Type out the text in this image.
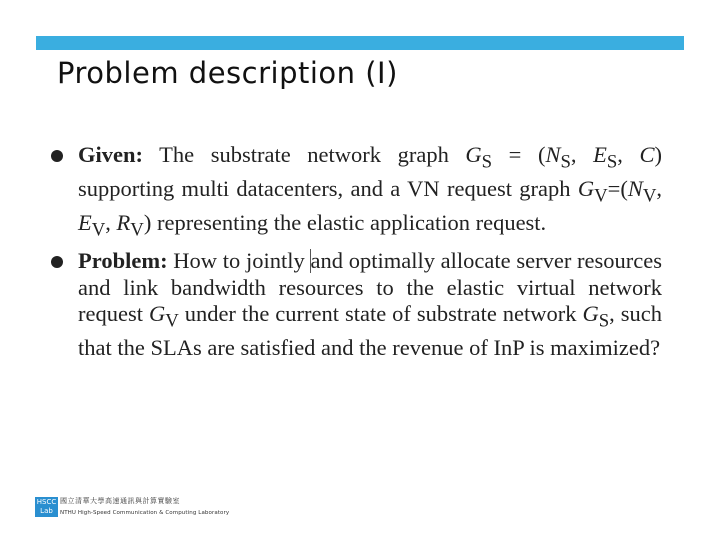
Problem description (I)
Given: The substrate network graph $G_S = (N_S$, $E_S$, C) supporting multi datacenters, and a VN request graph $G_V=(N_V$, $E_V$, $R_V$) representing the elastic application request.
Problem: How to jointly and optimally allocate server resources and link bandwidth resources to the elastic virtual network request $G_V$ under the current state of substrate network $G_S$, such that the SLAs are satisfied and the revenue of InP is maximized?
HSCC
Lab
國立清華大學高速通訊與計算實驗室
NTHU High-Speed Communication & Computing Laboratory
